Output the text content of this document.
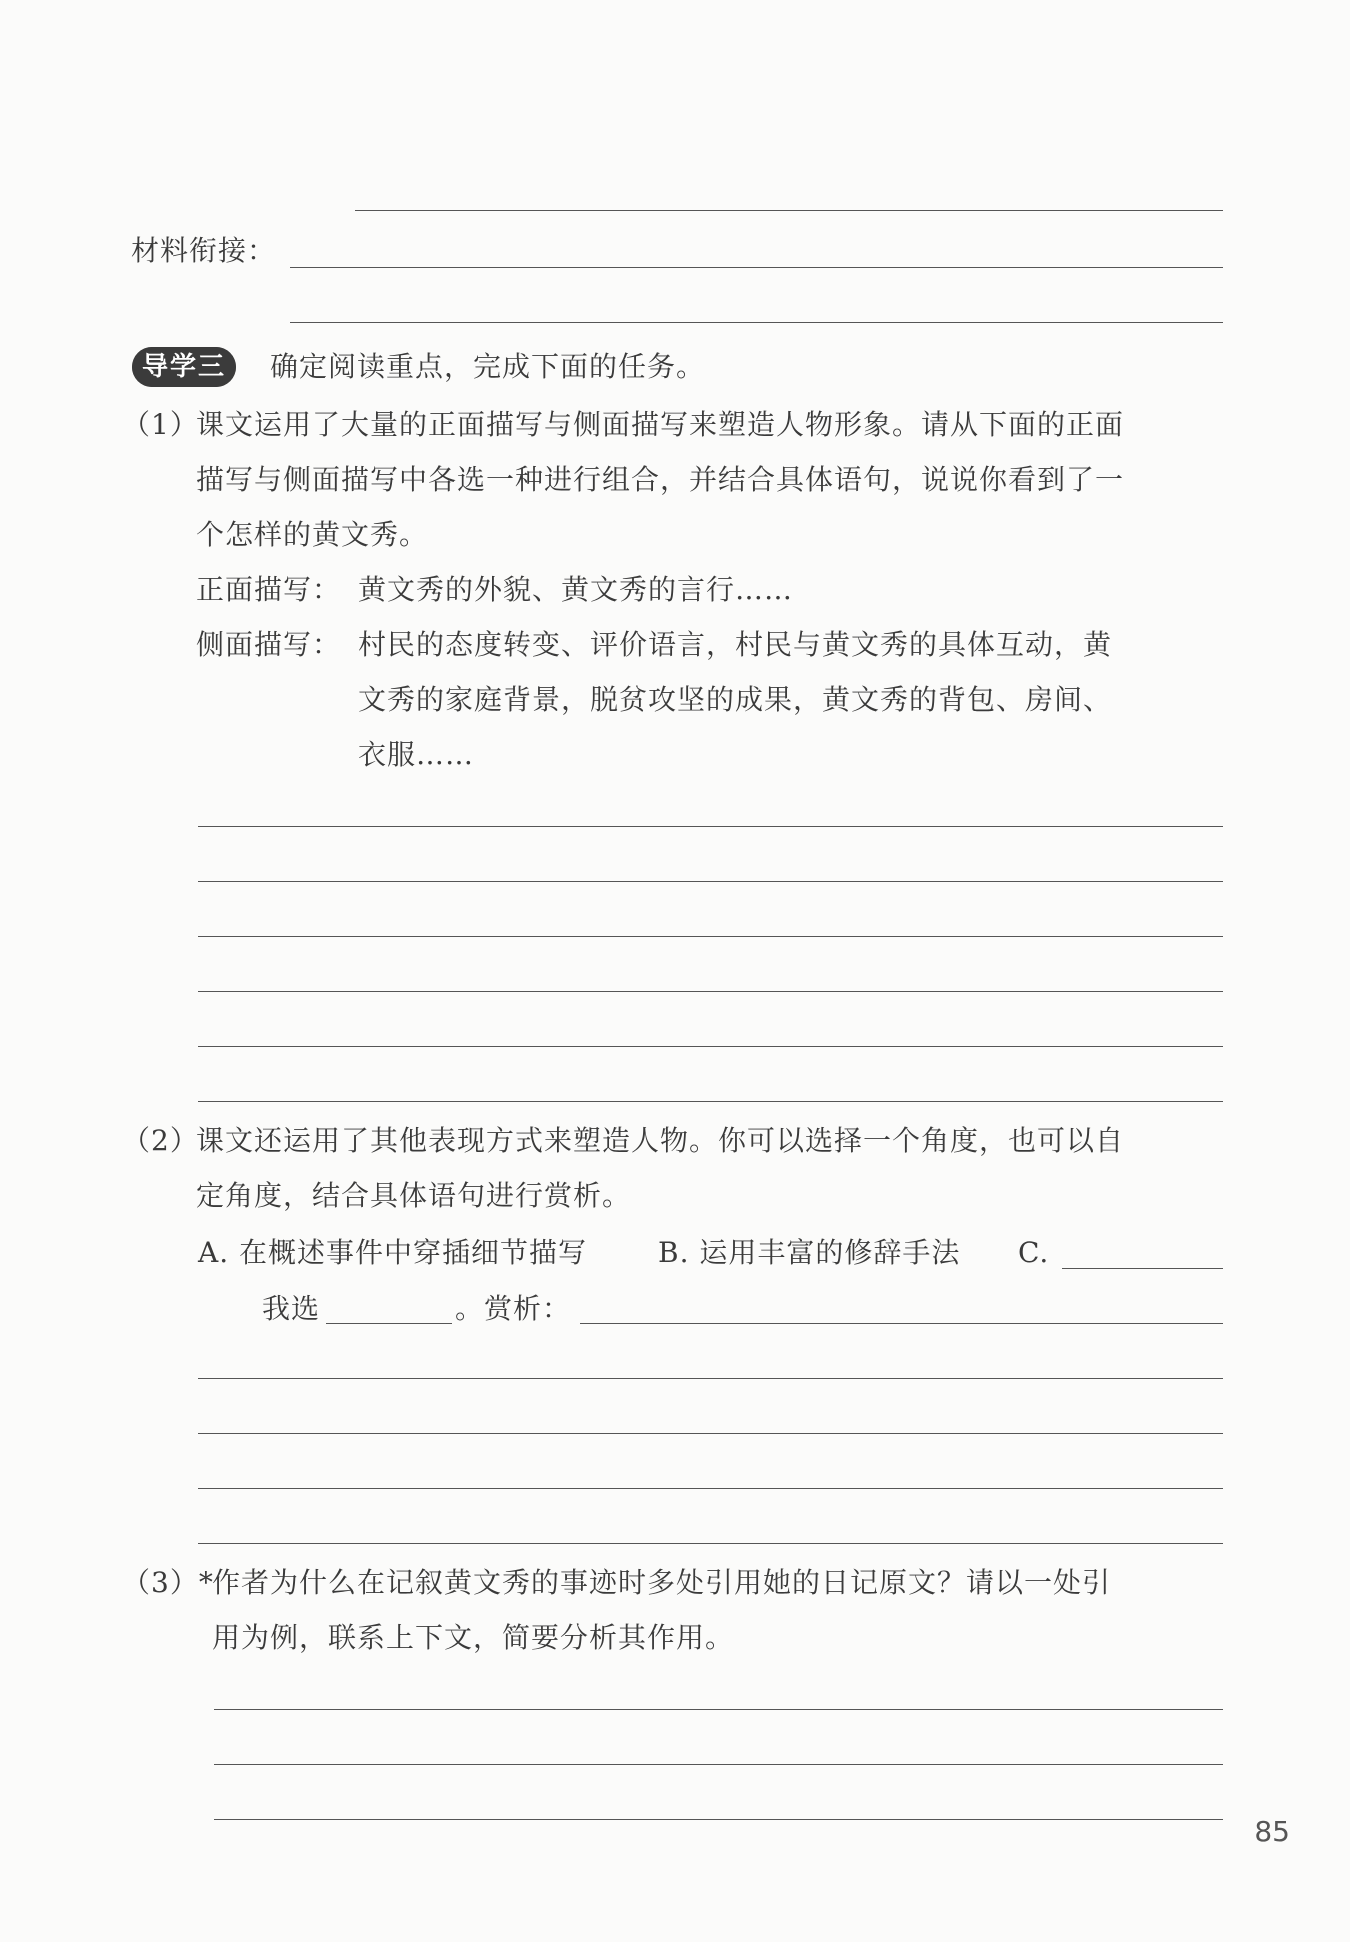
材料衔接：
导学三	确定阅读重点，完成下面的任务。
（1）
课文运用了大量的正面描写与侧面描写来塑造人物形象。请从下面的正面
描写与侧面描写中各选一种进行组合，并结合具体语句，说说你看到了一
个怎样的黄文秀。
正面描写： 黄文秀的外貌、黄文秀的言行……
侧面描写： 村民的态度转变、评价语言，村民与黄文秀的具体互动，黄
文秀的家庭背景，脱贫攻坚的成果，黄文秀的背包、房间、
衣服……
（2）
课文还运用了其他表现方式来塑造人物。你可以选择一个角度，也可以自
定角度，结合具体语句进行赏析。
A. 在概述事件中穿插细节描写	B. 运用丰富的修辞手法 C.
我选	。赏析：
（3）*
作者为什么在记叙黄文秀的事迹时多处引用她的日记原文？请以一处引
用为例，联系上下文，简要分析其作用。
85
